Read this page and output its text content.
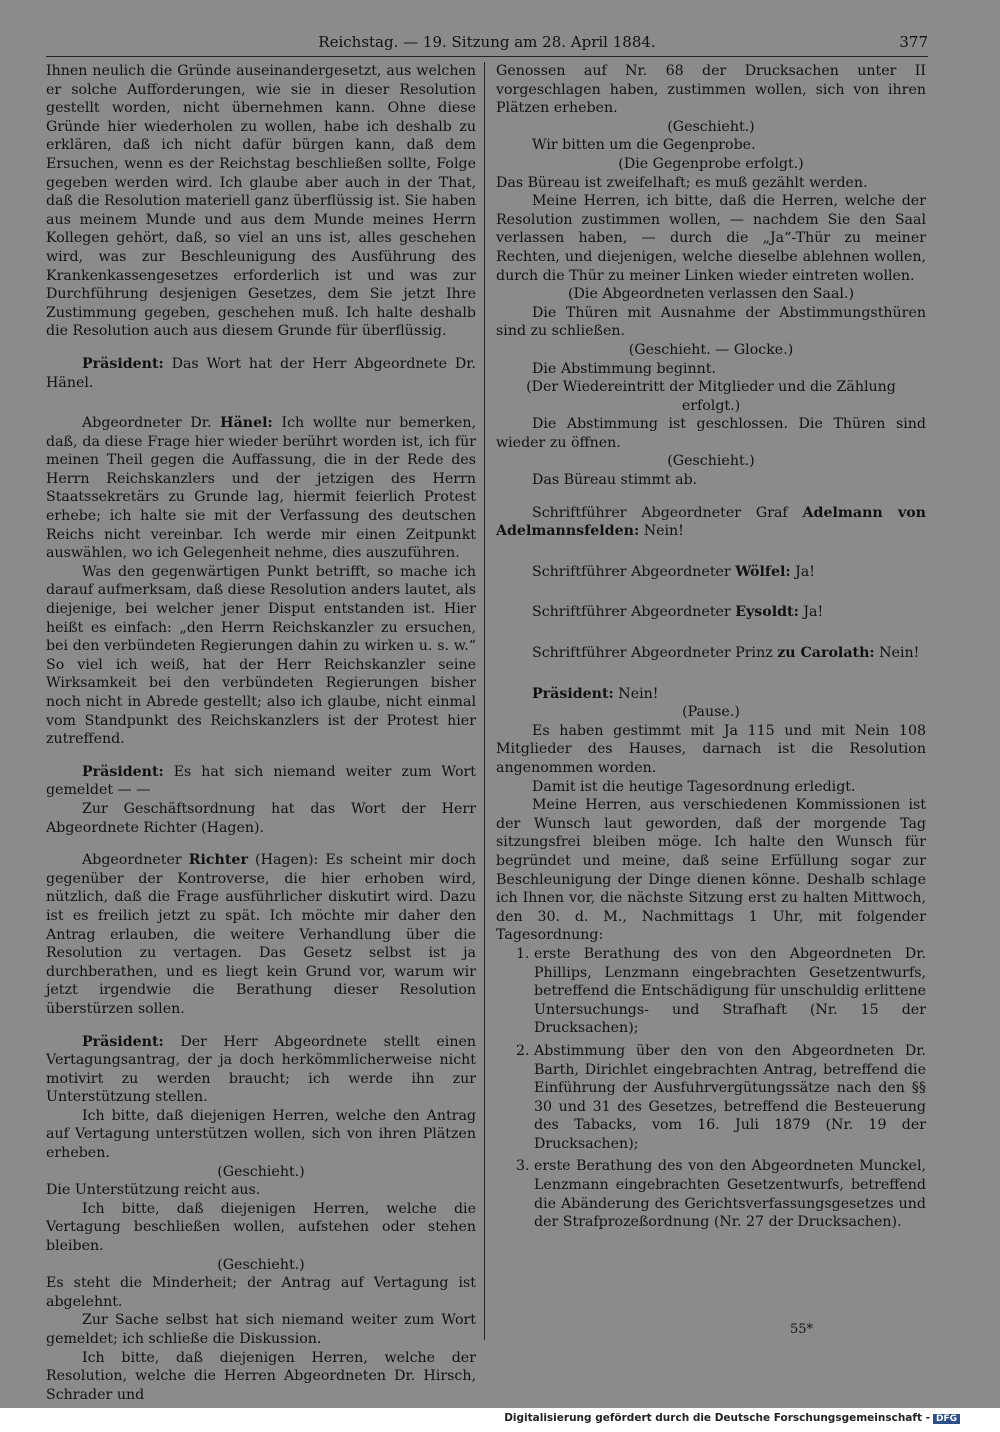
Reichstag. — 19. Sitzung am 28. April 1884.	377

Ihnen neulich die Gründe auseinandergesetzt, aus welchen er solche Aufforderungen, wie sie in dieser Resolution gestellt worden, nicht übernehmen kann. Ohne diese Gründe hier wiederholen zu wollen, habe ich deshalb zu erklären, daß ich nicht dafür bürgen kann, daß dem Ersuchen, wenn es der Reichstag beschließen sollte, Folge gegeben werden wird. Ich glaube aber auch in der That, daß die Resolution materiell ganz überflüssig ist. Sie haben aus meinem Munde und aus dem Munde meines Herrn Kollegen gehört, daß, so viel an uns ist, alles geschehen wird, was zur Beschleunigung des Ausführung des Krankenkassengesetzes erforderlich ist und was zur Durchführung desjenigen Gesetzes, dem Sie jetzt Ihre Zustimmung gegeben, geschehen muß. Ich halte deshalb die Resolution auch aus diesem Grunde für überflüssig.

Präsident: Das Wort hat der Herr Abgeordnete Dr. Hänel.

Abgeordneter Dr. Hänel: Ich wollte nur bemerken, daß, da diese Frage hier wieder berührt worden ist, ich für meinen Theil gegen die Auffassung, die in der Rede des Herrn Reichskanzlers und der jetzigen des Herrn Staatssekretärs zu Grunde lag, hiermit feierlich Protest erhebe; ich halte sie mit der Verfassung des deutschen Reichs nicht vereinbar. Ich werde mir einen Zeitpunkt auswählen, wo ich Gelegenheit nehme, dies auszuführen.

Was den gegenwärtigen Punkt betrifft, so mache ich darauf aufmerksam, daß diese Resolution anders lautet, als diejenige, bei welcher jener Disput entstanden ist. Hier heißt es einfach: „den Herrn Reichskanzler zu ersuchen, bei den verbündeten Regierungen dahin zu wirken u. s. w.“ So viel ich weiß, hat der Herr Reichskanzler seine Wirksamkeit bei den verbündeten Regierungen bisher noch nicht in Abrede gestellt; also ich glaube, nicht einmal vom Standpunkt des Reichskanzlers ist der Protest hier zutreffend.

Präsident: Es hat sich niemand weiter zum Wort gemeldet — —

Zur Geschäftsordnung hat das Wort der Herr Abgeordnete Richter (Hagen).

Abgeordneter Richter (Hagen): Es scheint mir doch gegenüber der Kontroverse, die hier erhoben wird, nützlich, daß die Frage ausführlicher diskutirt wird. Dazu ist es freilich jetzt zu spät. Ich möchte mir daher den Antrag erlauben, die weitere Verhandlung über die Resolution zu vertagen. Das Gesetz selbst ist ja durchberathen, und es liegt kein Grund vor, warum wir jetzt irgendwie die Berathung dieser Resolution überstürzen sollen.

Präsident: Der Herr Abgeordnete stellt einen Vertagungsantrag, der ja doch herkömmlicherweise nicht motivirt zu werden braucht; ich werde ihn zur Unterstützung stellen.

Ich bitte, daß diejenigen Herren, welche den Antrag auf Vertagung unterstützen wollen, sich von ihren Plätzen erheben.

(Geschieht.)

Die Unterstützung reicht aus.

Ich bitte, daß diejenigen Herren, welche die Vertagung beschließen wollen, aufstehen oder stehen bleiben.

(Geschieht.)

Es steht die Minderheit; der Antrag auf Vertagung ist abgelehnt.

Zur Sache selbst hat sich niemand weiter zum Wort gemeldet; ich schließe die Diskussion.

Ich bitte, daß diejenigen Herren, welche der Resolution, welche die Herren Abgeordneten Dr. Hirsch, Schrader und

Genossen auf Nr. 68 der Drucksachen unter II vorgeschlagen haben, zustimmen wollen, sich von ihren Plätzen erheben.

(Geschieht.)

Wir bitten um die Gegenprobe.

(Die Gegenprobe erfolgt.)

Das Büreau ist zweifelhaft; es muß gezählt werden.

Meine Herren, ich bitte, daß die Herren, welche der Resolution zustimmen wollen, — nachdem Sie den Saal verlassen haben, — durch die „Ja“-Thür zu meiner Rechten, und diejenigen, welche dieselbe ablehnen wollen, durch die Thür zu meiner Linken wieder eintreten wollen.

(Die Abgeordneten verlassen den Saal.)

Die Thüren mit Ausnahme der Abstimmungsthüren sind zu schließen.

(Geschieht. — Glocke.)

Die Abstimmung beginnt.

(Der Wiedereintritt der Mitglieder und die Zählung erfolgt.)

Die Abstimmung ist geschlossen. Die Thüren sind wieder zu öffnen.

(Geschieht.)

Das Büreau stimmt ab.

Schriftführer Abgeordneter Graf Adelmann von Adelmannsfelden: Nein!

Schriftführer Abgeordneter Wölfel: Ja!

Schriftführer Abgeordneter Eysoldt: Ja!

Schriftführer Abgeordneter Prinz zu Carolath: Nein!

Präsident: Nein!

(Pause.)

Es haben gestimmt mit Ja 115 und mit Nein 108 Mitglieder des Hauses, darnach ist die Resolution angenommen worden.

Damit ist die heutige Tagesordnung erledigt.

Meine Herren, aus verschiedenen Kommissionen ist der Wunsch laut geworden, daß der morgende Tag sitzungsfrei bleiben möge. Ich halte den Wunsch für begründet und meine, daß seine Erfüllung sogar zur Beschleunigung der Dinge dienen könne. Deshalb schlage ich Ihnen vor, die nächste Sitzung erst zu halten Mittwoch, den 30. d. M., Nachmittags 1 Uhr, mit folgender Tagesordnung:

1. erste Berathung des von den Abgeordneten Dr. Phillips, Lenzmann eingebrachten Gesetzentwurfs, betreffend die Entschädigung für unschuldig erlittene Untersuchungs- und Strafhaft (Nr. 15 der Drucksachen);
2. Abstimmung über den von den Abgeordneten Dr. Barth, Dirichlet eingebrachten Antrag, betreffend die Einführung der Ausfuhrvergütungssätze nach den §§ 30 und 31 des Gesetzes, betreffend die Besteuerung des Tabacks, vom 16. Juli 1879 (Nr. 19 der Drucksachen);
3. erste Berathung des von den Abgeordneten Munckel, Lenzmann eingebrachten Gesetzentwurfs, betreffend die Abänderung des Gerichtsverfassungsgesetzes und der Strafprozeßordnung (Nr. 27 der Drucksachen).
55*
Digitalisierung gefördert durch die Deutsche Forschungsgemeinschaft - DFG
